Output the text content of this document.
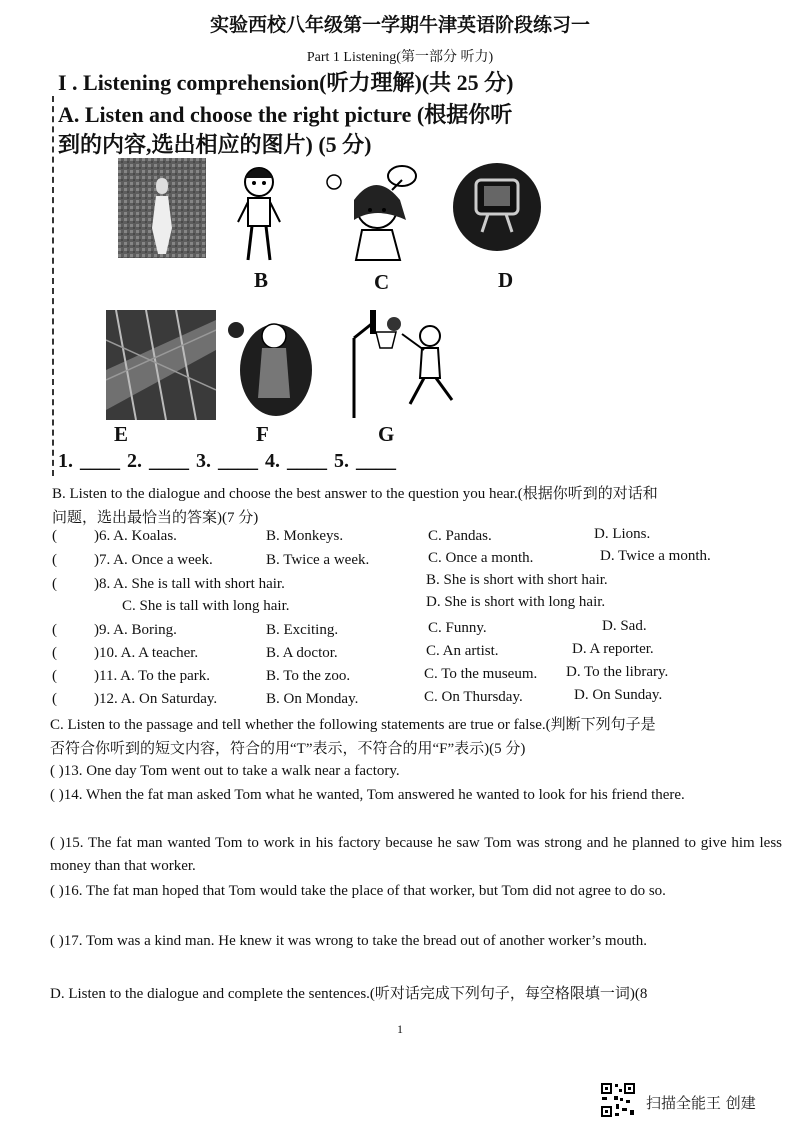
实验西校八年级第一学期牛津英语阶段练习一
Part 1 Listening(第一部分 听力)
I . Listening comprehension(听力理解)(共 25 分)
A. Listen and choose the right picture (根据你听
到的内容,选出相应的图片) (5 分)
B	C	D
E	F	G
1. ____ 2. ____ 3. ____ 4. ____ 5. ____
B. Listen to the dialogue and choose the best answer to the question you hear.(根据你听到的对话和
问题，选出最恰当的答案)(7 分)
( )6. A. Koalas.	B. Monkeys.	C. Pandas.	D. Lions.
( )7. A. Once a week.	B. Twice a week.	C. Once a month.	D. Twice a month.
( )8. A. She is tall with short hair.	B. She is short with short hair.
C. She is tall with long hair.	D. She is short with long hair.
( )9. A. Boring.	B. Exciting.	C. Funny.	D. Sad.
( )10. A. A teacher.	B. A doctor.	C. An artist.	D. A reporter.
( )11. A. To the park.	B. To the zoo.	C. To the museum. D. To the library.
( )12. A. On Saturday.	B. On Monday.	C. On Thursday.	D. On Sunday.
C. Listen to the passage and tell whether the following statements are true or false.(判断下列句子是
否符合你听到的短文内容，符合的用“T”表示，不符合的用“F”表示)(5 分)
( )13. One day Tom went out to take a walk near a factory.
( )14. When the fat man asked Tom what he wanted, Tom answered he wanted to look for his friend there.
( )15. The fat man wanted Tom to work in his factory because he saw Tom was strong and he planned to give him less money than that worker.
( )16. The fat man hoped that Tom would take the place of that worker, but Tom did not agree to do so.
( )17. Tom was a kind man. He knew it was wrong to take the bread out of another worker’s mouth.
D. Listen to the dialogue and complete the sentences.(听对话完成下列句子，每空格限填一词)(8
1
扫描全能王 创建
